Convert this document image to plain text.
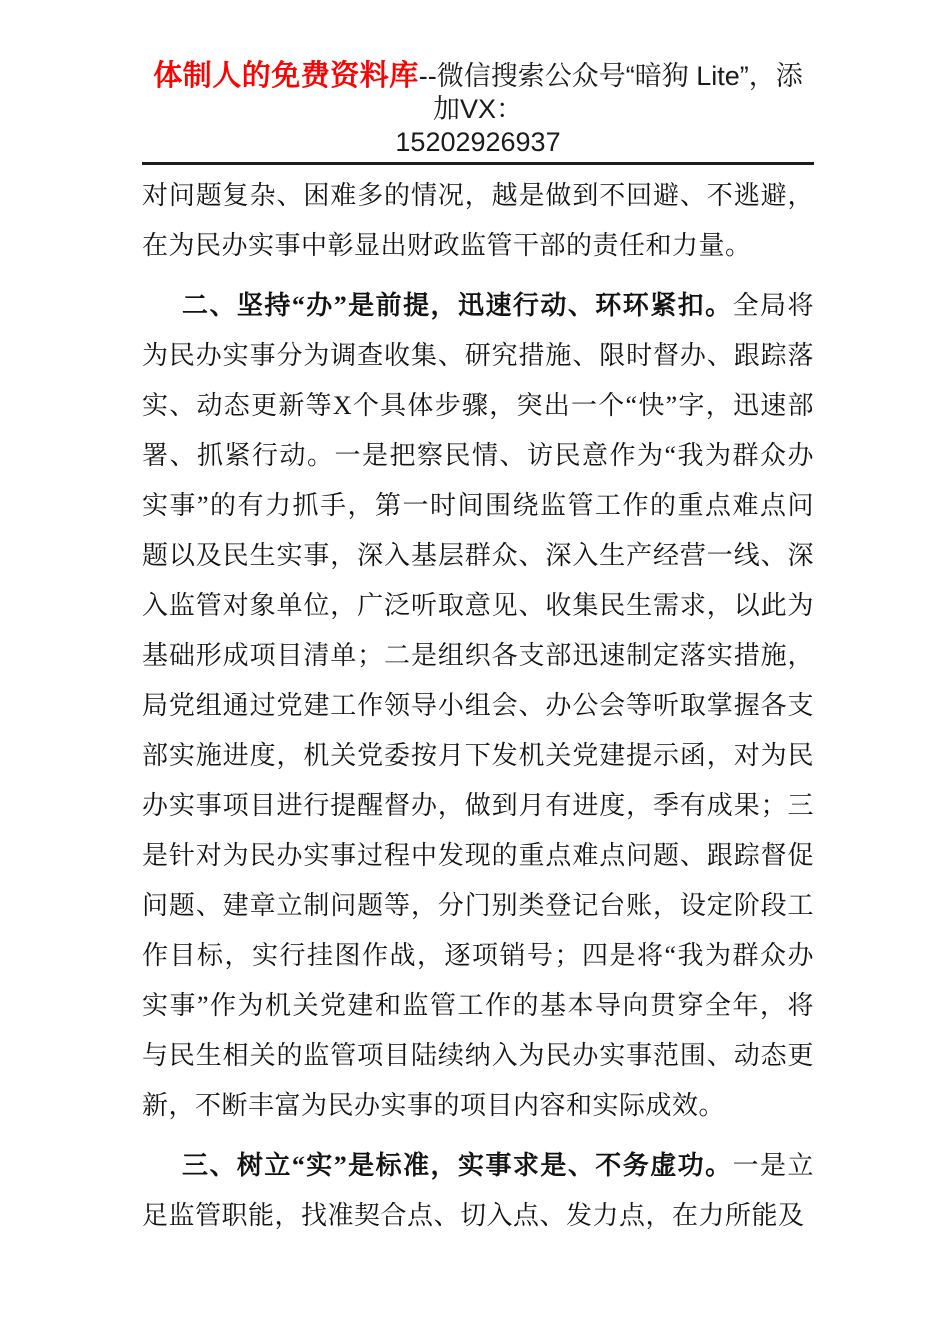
体制人的免费资料库--微信搜索公众号“暗狗 Lite”，添加VX：
15202926937

对问题复杂、困难多的情况，越是做到不回避、不逃避，在为民办实事中彰显出财政监管干部的责任和力量。

二、坚持“办”是前提，迅速行动、环环紧扣。全局将为民办实事分为调查收集、研究措施、限时督办、跟踪落实、动态更新等X个具体步骤，突出一个“快”字，迅速部署、抓紧行动。一是把察民情、访民意作为“我为群众办实事”的有力抓手，第一时间围绕监管工作的重点难点问题以及民生实事，深入基层群众、深入生产经营一线、深入监管对象单位，广泛听取意见、收集民生需求，以此为基础形成项目清单；二是组织各支部迅速制定落实措施，局党组通过党建工作领导小组会、办公会等听取掌握各支部实施进度，机关党委按月下发机关党建提示函，对为民办实事项目进行提醒督办，做到月有进度，季有成果；三是针对为民办实事过程中发现的重点难点问题、跟踪督促问题、建章立制问题等，分门别类登记台账，设定阶段工作目标，实行挂图作战，逐项销号；四是将“我为群众办实事”作为机关党建和监管工作的基本导向贯穿全年，将与民生相关的监管项目陆续纳入为民办实事范围、动态更新，不断丰富为民办实事的项目内容和实际成效。

三、树立“实”是标准，实事求是、不务虚功。一是立足监管职能，找准契合点、切入点、发力点，在力所能及
